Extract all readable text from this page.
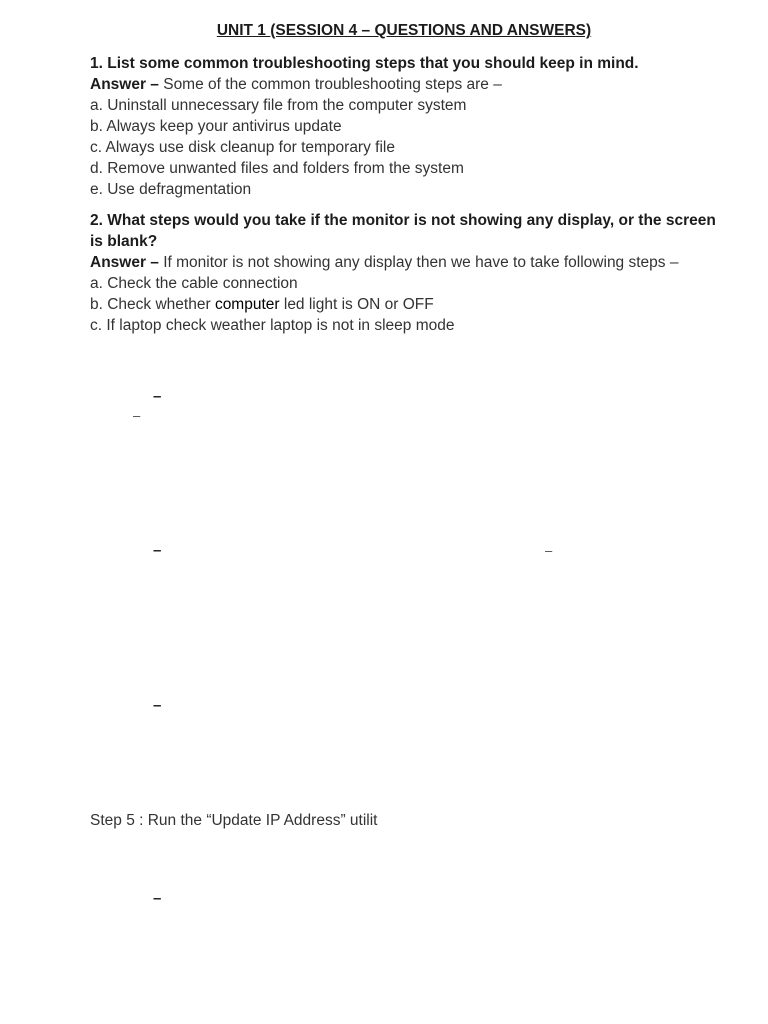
UNIT 1 (SESSION 4 – QUESTIONS AND ANSWERS)
1. List some common troubleshooting steps that you should keep in mind.
Answer – Some of the common troubleshooting steps are –
a. Uninstall unnecessary file from the computer system
b. Always keep your antivirus update
c. Always use disk cleanup for temporary file
d. Remove unwanted files and folders from the system
e. Use defragmentation
2. What steps would you take if the monitor is not showing any display, or the screen is blank?
Answer – If monitor is not showing any display then we have to take following steps –
a. Check the cable connection
b. Check whether computer led light is ON or OFF
c. If laptop check weather laptop is not in sleep mode
–
–
–	–
–
Step 5 : Run the “Update IP Address” utilit
–
